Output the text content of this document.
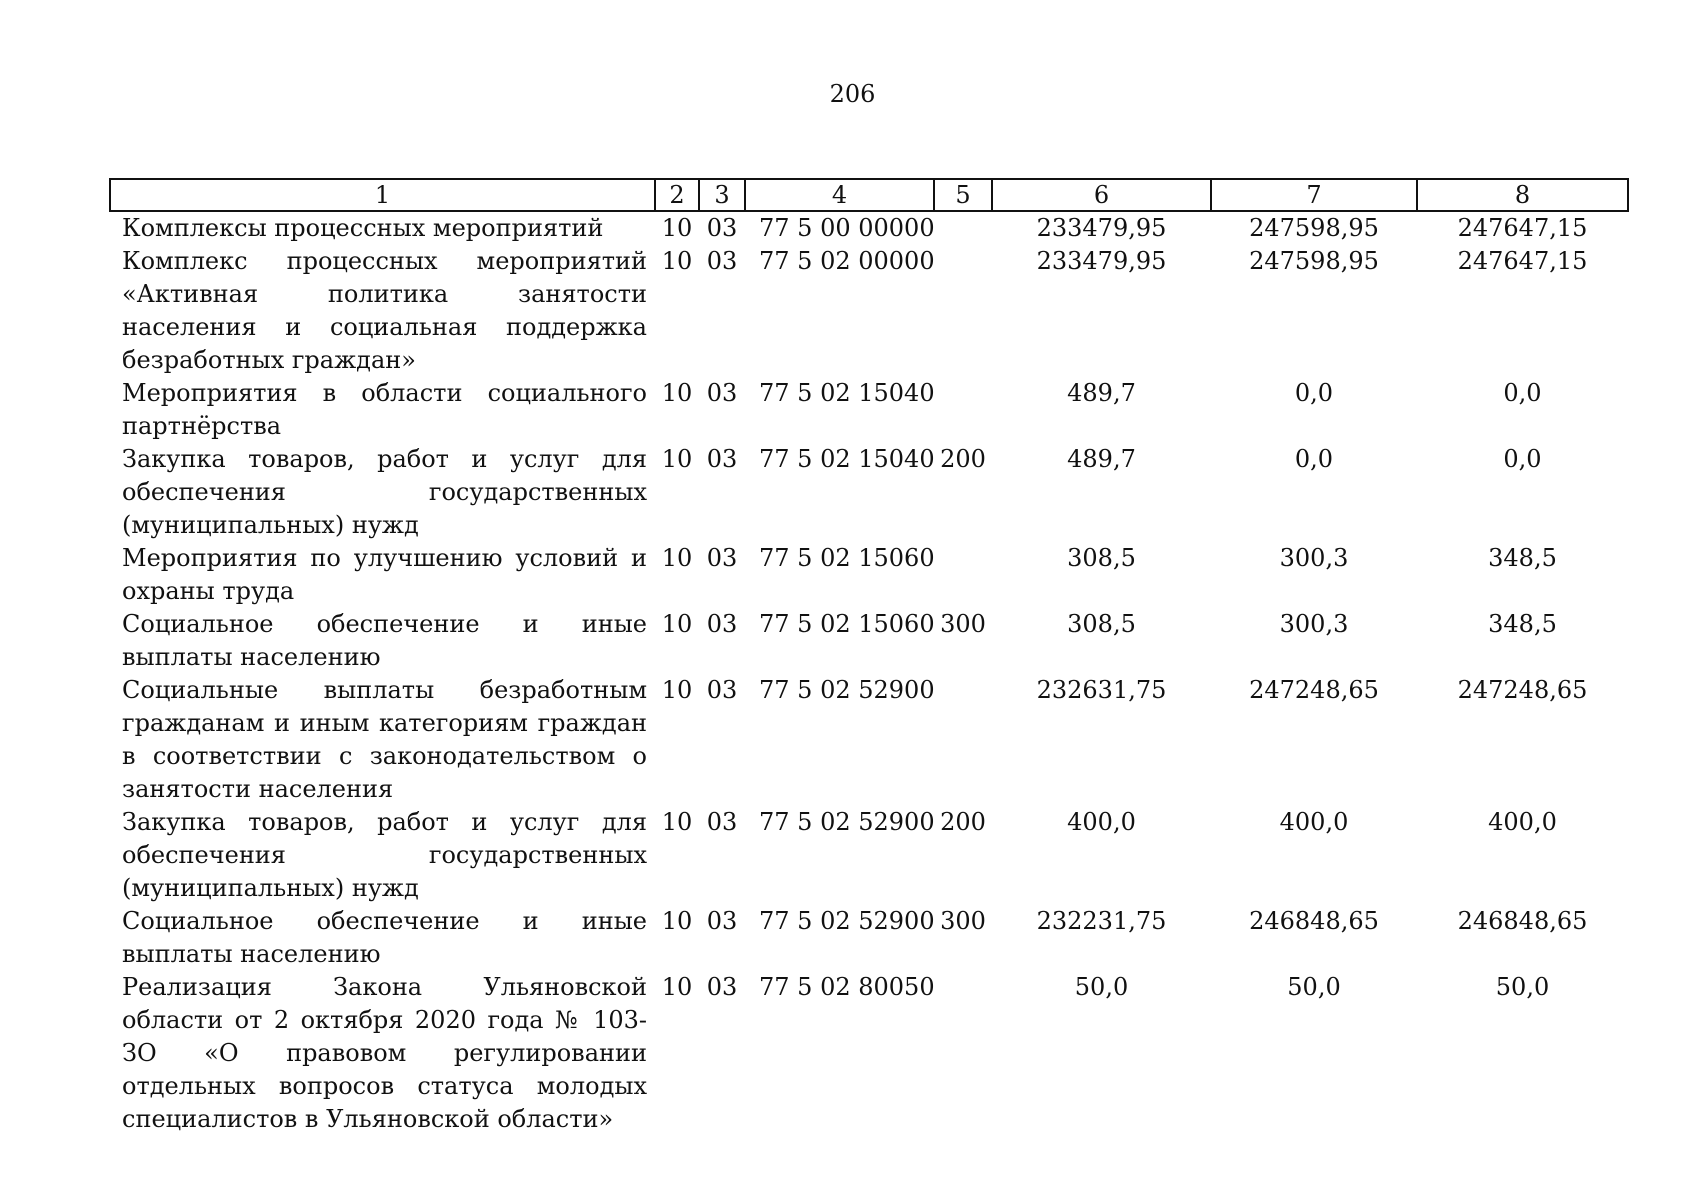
206
1	2	3	4	5	6	7	8
Комплексы процессных мероприятий	10	03	77 5 00 00000		233479,95	247598,95	247647,15
Комплекс процессных мероприятий «Активная политика занятости населения и социальная поддержка безработных граждан»	10	03	77 5 02 00000		233479,95	247598,95	247647,15
Мероприятия в области социального партнёрства	10	03	77 5 02 15040		489,7	0,0	0,0
Закупка товаров, работ и услуг для обеспечения государственных (муниципальных) нужд	10	03	77 5 02 15040	200	489,7	0,0	0,0
Мероприятия по улучшению условий и охраны труда	10	03	77 5 02 15060		308,5	300,3	348,5
Социальное обеспечение и иные выплаты населению	10	03	77 5 02 15060	300	308,5	300,3	348,5
Социальные выплаты безработным гражданам и иным категориям граждан в соответствии с законодательством о занятости населения	10	03	77 5 02 52900		232631,75	247248,65	247248,65
Закупка товаров, работ и услуг для обеспечения государственных (муниципальных) нужд	10	03	77 5 02 52900	200	400,0	400,0	400,0
Социальное обеспечение и иные выплаты населению	10	03	77 5 02 52900	300	232231,75	246848,65	246848,65
Реализация Закона Ульяновской области от 2 октября 2020 года № 103-ЗО «О правовом регулировании отдельных вопросов статуса молодых специалистов в Ульяновской области»	10	03	77 5 02 80050		50,0	50,0	50,0
